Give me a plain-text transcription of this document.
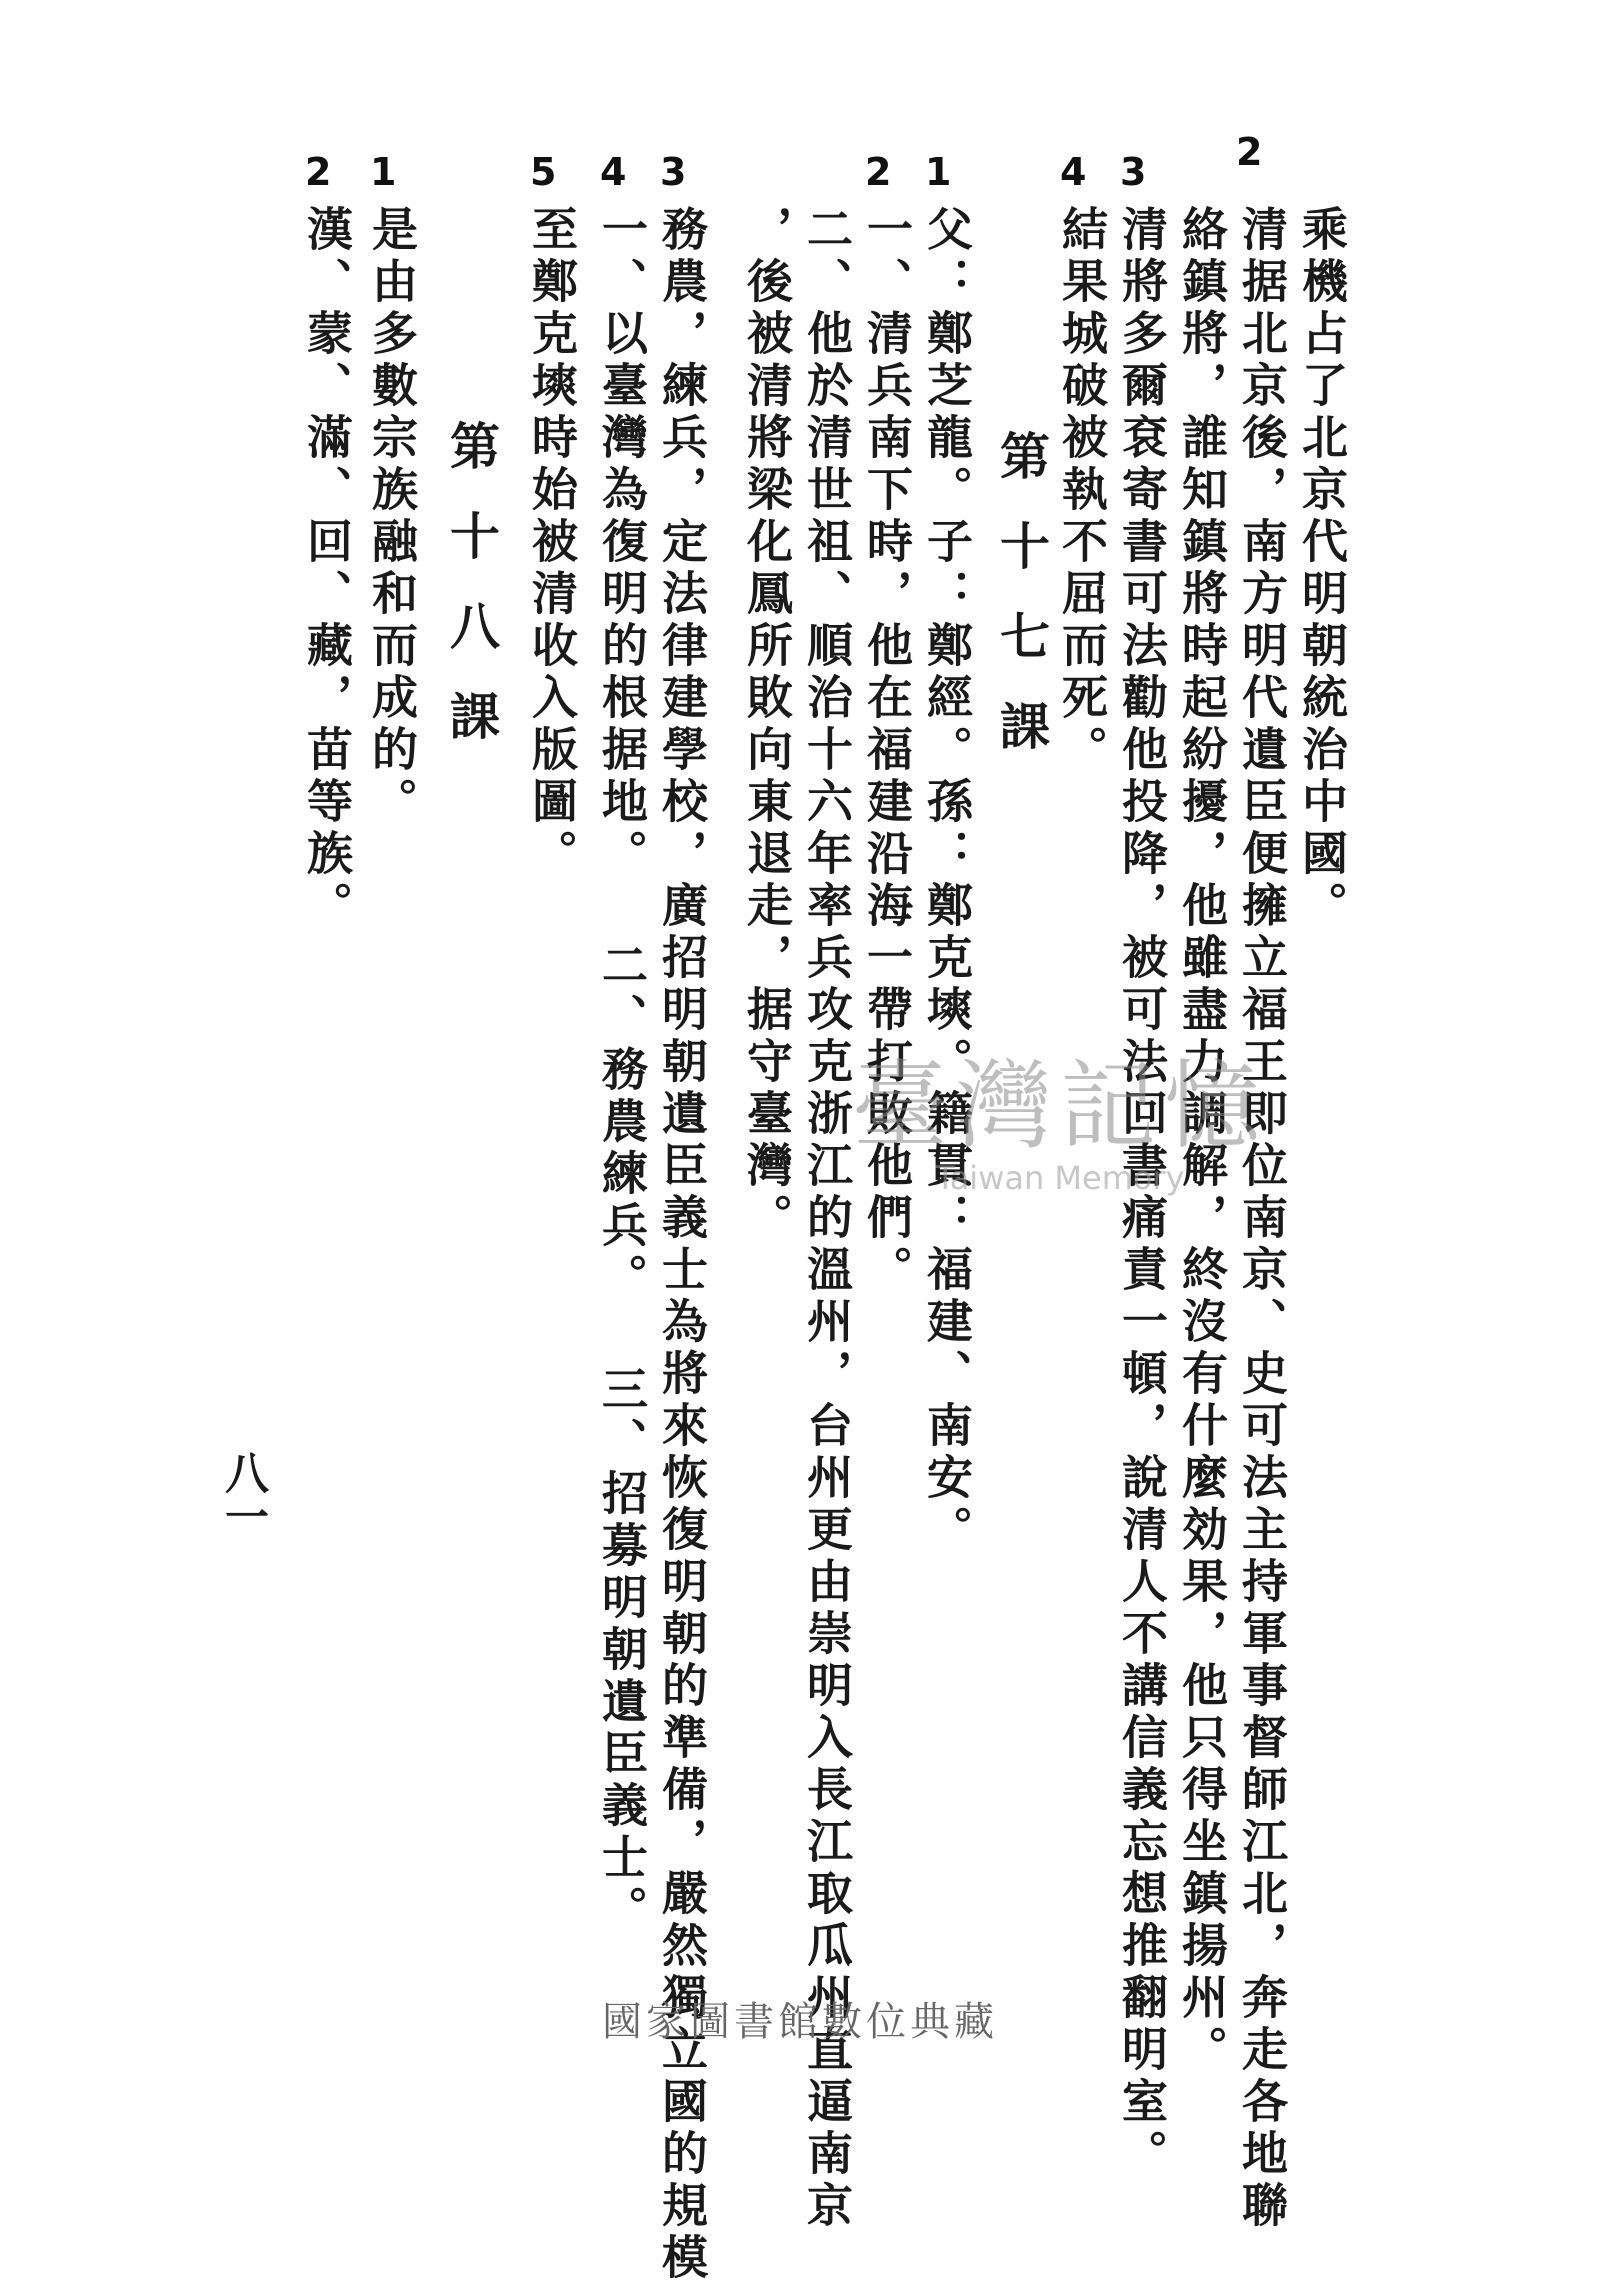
2
乘機占了北京代明朝統治中國。
清据北京後，南方明代遺臣便擁立福王即位南京、史可法主持軍事督師江北，奔走各地聯
絡鎮將，誰知鎮將時起紛擾，他雖盡力調解，終沒有什麼効果，他只得坐鎮揚州。
3
清將多爾袞寄書可法勸他投降，被可法回書痛責一頓，說清人不講信義忘想推翻明室。
4
結果城破被執不屈而死。
第十七課
1
父：鄭芝龍。子：鄭經。孫：鄭克塽。籍貫：福建、南安。
2
一、清兵南下時，他在福建沿海一帶打敗他們。
二、他於清世祖、順治十六年率兵攻克浙江的溫州，台州更由崇明入長江取瓜州直逼南京
，後被清將梁化鳳所敗向東退走，据守臺灣。
3
務農，練兵，定法律建學校，廣招明朝遺臣義士為將來恢復明朝的準備，嚴然獨立國的規模
4
一、以臺灣為復明的根据地。 二、務農練兵。 三、招募明朝遺臣義士。
5
至鄭克塽時始被清收入版圖。
第十八課
1
是由多數宗族融和而成的。
2
漢、蒙、滿、回、藏，苗等族。
八一
臺灣記憶
Taiwan Memory
國家圖書館數位典藏
